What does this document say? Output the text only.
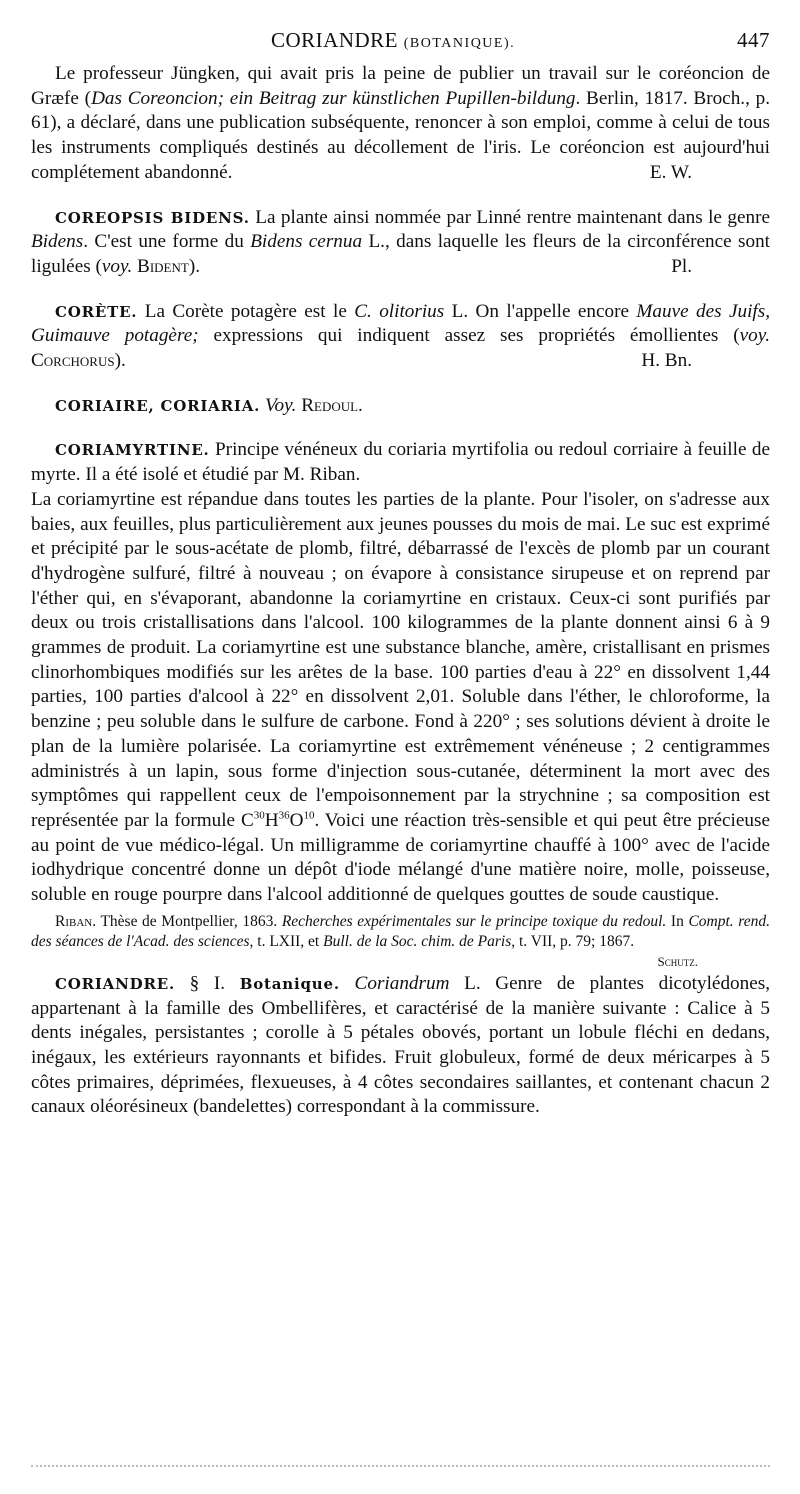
CORIANDRE (BOTANIQUE).	447

Le professeur Jüngken, qui avait pris la peine de publier un travail sur le coréoncion de Græfe (Das Coreoncion; ein Beitrag zur künstlichen Pupillen-bildung. Berlin, 1817. Broch., p. 61), a déclaré, dans une publication subséquente, renoncer à son emploi, comme à celui de tous les instruments compliqués destinés au décollement de l'iris. Le coréoncion est aujourd'hui complétement abandonné.	E. W.

COREOPSIS BIDENS. La plante ainsi nommée par Linné rentre maintenant dans le genre Bidens. C'est une forme du Bidens cernua L., dans laquelle les fleurs de la circonférence sont ligulées (voy. Bident).	Pl.

CORÈTE. La Corète potagère est le C. olitorius L. On l'appelle encore Mauve des Juifs, Guimauve potagère; expressions qui indiquent assez ses propriétés émollientes (voy. Corchorus).	H. Bn.

CORIAIRE, CORIARIA. Voy. Redoul.

CORIAMYRTINE. Principe vénéneux du coriaria myrtifolia ou redoul corriaire à feuille de myrte. Il a été isolé et étudié par M. Riban.

La coriamyrtine est répandue dans toutes les parties de la plante. Pour l'isoler, on s'adresse aux baies, aux feuilles, plus particulièrement aux jeunes pousses du mois de mai. Le suc est exprimé et précipité par le sous-acétate de plomb, filtré, débarrassé de l'excès de plomb par un courant d'hydrogène sulfuré, filtré à nouveau ; on évapore à consistance sirupeuse et on reprend par l'éther qui, en s'évaporant, abandonne la coriamyrtine en cristaux. Ceux-ci sont purifiés par deux ou trois cristallisations dans l'alcool. 100 kilogrammes de la plante donnent ainsi 6 à 9 grammes de produit. La coriamyrtine est une substance blanche, amère, cristallisant en prismes clinorhombiques modifiés sur les arêtes de la base. 100 parties d'eau à 22° en dissolvent 1,44 parties, 100 parties d'alcool à 22° en dissolvent 2,01. Soluble dans l'éther, le chloroforme, la benzine ; peu soluble dans le sulfure de carbone. Fond à 220° ; ses solutions dévient à droite le plan de la lumière polarisée. La coriamyrtine est extrêmement vénéneuse ; 2 centigrammes administrés à un lapin, sous forme d'injection sous-cutanée, déterminent la mort avec des symptômes qui rappellent ceux de l'empoisonnement par la strychnine ; sa composition est représentée par la formule $C^{30}H^{36}O^{10}$. Voici une réaction très-sensible et qui peut être précieuse au point de vue médico-légal. Un milligramme de coriamyrtine chauffé à 100° avec de l'acide iodhydrique concentré donne un dépôt d'iode mélangé d'une matière noire, molle, poisseuse, soluble en rouge pourpre dans l'alcool additionné de quelques gouttes de soude caustique.

Riban. Thèse de Montpellier, 1863. Recherches expérimentales sur le principe toxique du redoul. In Compt. rend. des séances de l'Acad. des sciences, t. LXII, et Bull. de la Soc. chim. de Paris, t. VII, p. 79; 1867.
Schutz.

CORIANDRE. § I. Botanique. Coriandrum L. Genre de plantes dicotylédones, appartenant à la famille des Ombellifères, et caractérisé de la manière suivante : Calice à 5 dents inégales, persistantes ; corolle à 5 pétales obovés, portant un lobule fléchi en dedans, inégaux, les extérieurs rayonnants et bifides. Fruit globuleux, formé de deux méricarpes à 5 côtes primaires, déprimées, flexueuses, à 4 côtes secondaires saillantes, et contenant chacun 2 canaux oléorésineux (bandelettes) correspondant à la commissure.
